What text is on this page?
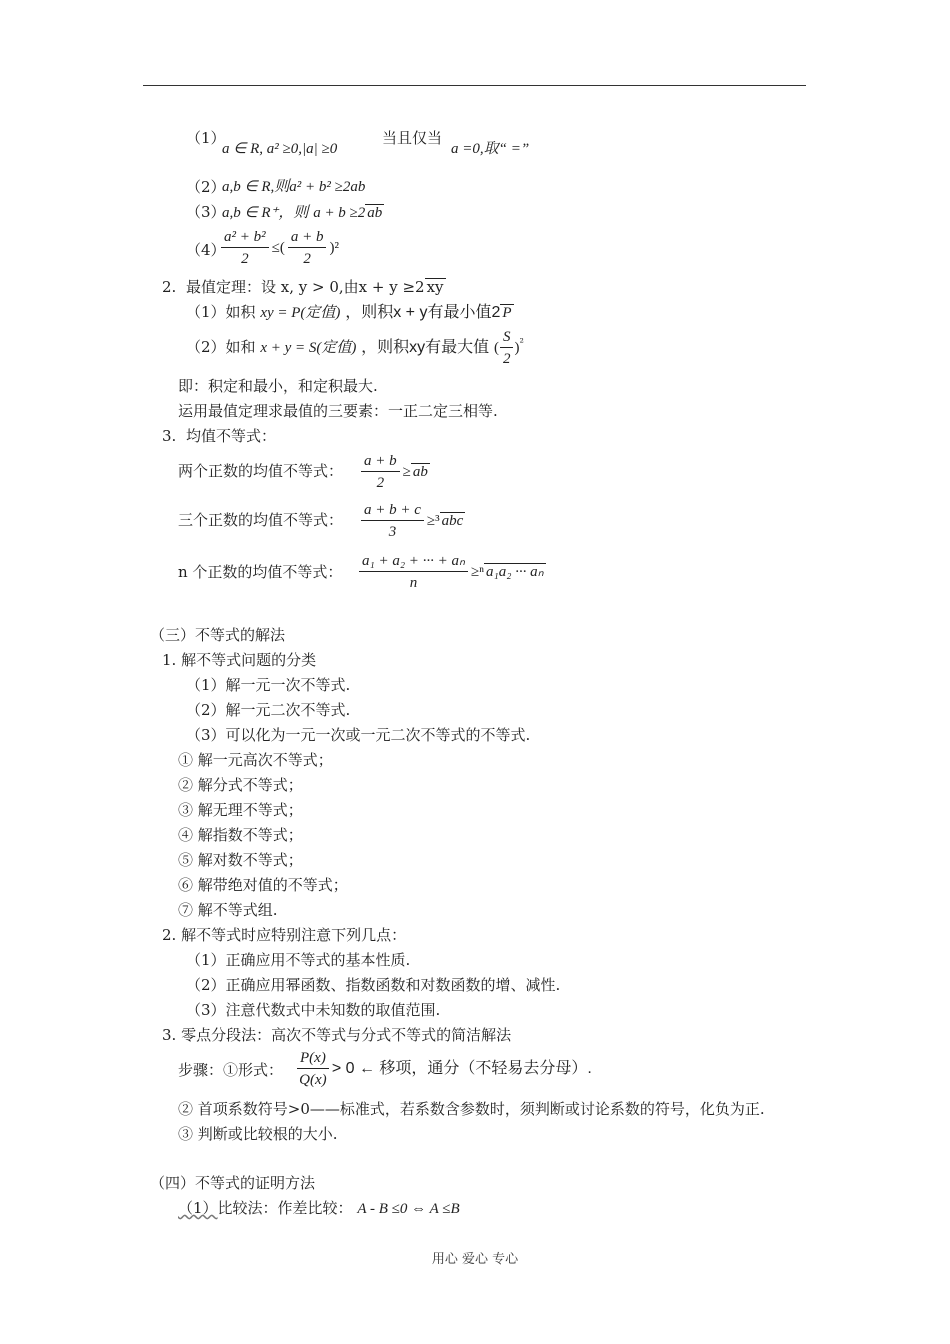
（1）
a ∈ R, a² ≥0,|a| ≥0
当且仅当
a =0,取“ =”
（2）
a,b ∈ R,则a² + b² ≥2ab
（3）
a,b ∈ R⁺，则 a + b ≥2 ab
（4）
$\frac{\text{a² + b²}}{2}$ ≤( $\frac{a + b}{2} )^2$
2. 最值定理：设 x, y > 0,由x + y ≥2 xy
（1）如积 xy = P(定值) ，则积x + y有最小值2 P
（2）如和 x + y = S(定值) ，则积xy有最大值 ( $\frac{S}{2} )^{^2}$
即：积定和最小，和定积最大.
运用最值定理求最值的三要素：一正二定三相等.
3. 均值不等式：
两个正数的均值不等式： $\frac{a + b}{2}$ ≥ ab
三个正数的均值不等式： $\frac{a + b + c}{3} \ge^3$ abc
n 个正数的均值不等式： $\frac{\text{a₁ + a₂ + ··· + aₙ}}{n} \ge^n$ a₁a₂ ··· aₙ
（三）不等式的解法
1. 解不等式问题的分类
（1）解一元一次不等式.
（2）解一元二次不等式.
（3）可以化为一元一次或一元二次不等式的不等式.
① 解一元高次不等式；
② 解分式不等式；
③ 解无理不等式；
④ 解指数不等式；
⑤ 解对数不等式；
⑥ 解带绝对值的不等式；
⑦ 解不等式组.
2. 解不等式时应特别注意下列几点：
（1）正确应用不等式的基本性质.
（2）正确应用幂函数、指数函数和对数函数的增、减性.
（3）注意代数式中未知数的取值范围.
3. 零点分段法：高次不等式与分式不等式的简洁解法
步骤：①形式： $\frac{P(x)}{Q(x)} > 0$ ← 移项，通分（不轻易去分母）.
② 首项系数符号>0——标准式，若系数含参数时，须判断或讨论系数的符号，化负为正.
③ 判断或比较根的大小.
（四）不等式的证明方法
（1）比较法：作差比较： A - B ≤0 ⇔ A ≤B
用心 爱心 专心
